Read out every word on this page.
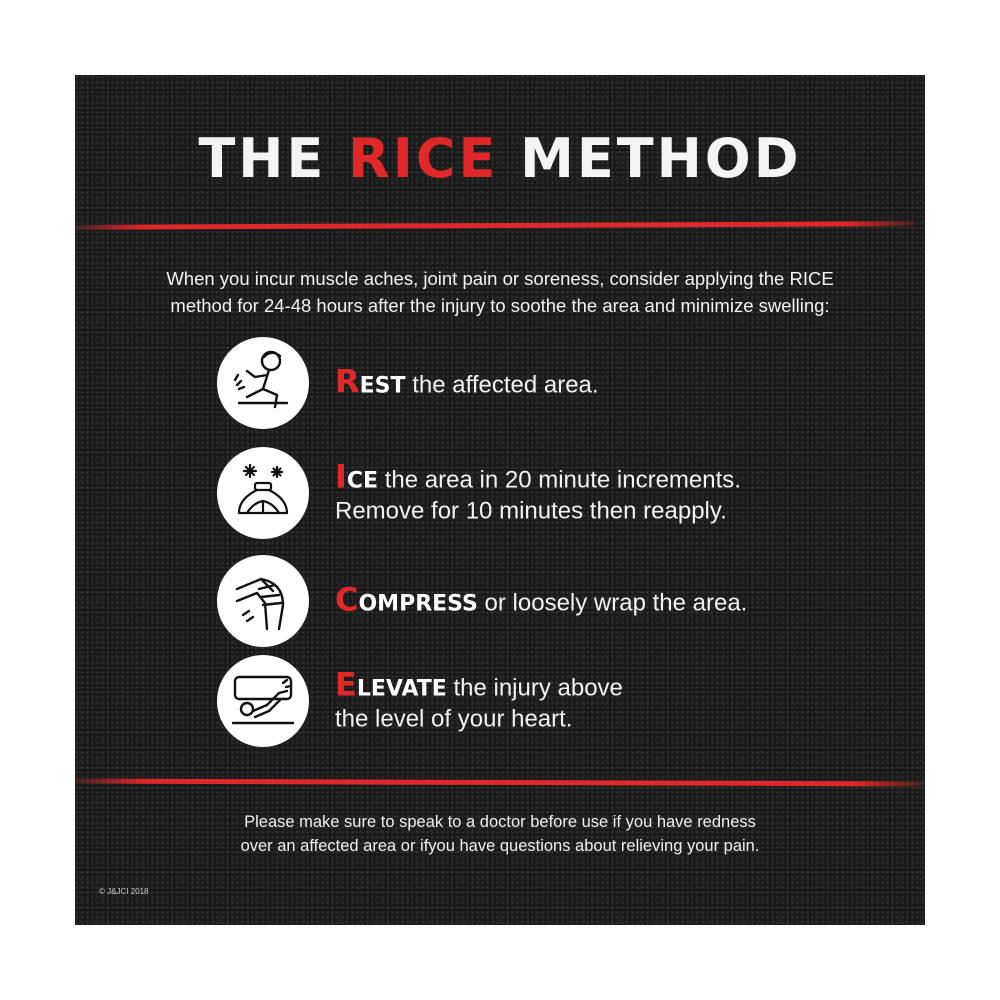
THE RICE METHOD

When you incur muscle aches, joint pain or soreness, consider applying the RICE
method for 24-48 hours after the injury to soothe the area and minimize swelling:

REST the affected area.
ICE the area in 20 minute increments.
Remove for 10 minutes then reapply.
COMPRESS or loosely wrap the area.
ELEVATE the injury above
the level of your heart.

Please make sure to speak to a doctor before use if you have redness
over an affected area or ifyou have questions about relieving your pain.

© J&JCI 2018
